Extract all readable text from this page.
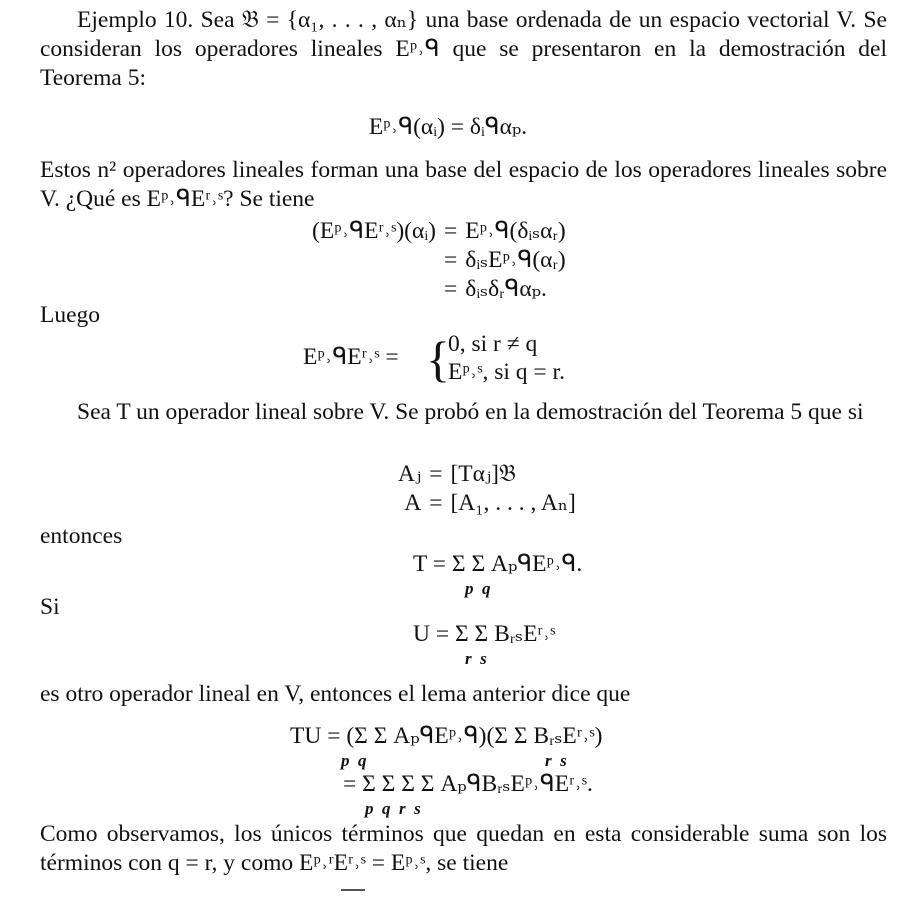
Ejemplo 10. Sea 𝔅 = {α₁, . . . , αₙ} una base ordenada de un espacio vectorial V. Se consideran los operadores lineales Eᵖ˒ᑫ que se presentaron en la demostración del Teorema 5:
Eᵖ˒ᑫ(αᵢ) = δᵢᑫαₚ.
Estos n² operadores lineales forman una base del espacio de los operadores lineales sobre V. ¿Qué es Eᵖ˒ᑫEʳ˒ˢ? Se tiene
(Eᵖ˒ᑫEʳ˒ˢ)(αᵢ)	=	Eᵖ˒ᑫ(δᵢₛαᵣ)
	=	δᵢₛEᵖ˒ᑫ(αᵣ)
	=	δᵢₛδᵣᑫαₚ.
Luego
Eᵖ˒ᑫEʳ˒ˢ = {
0, si r ≠ q
Eᵖ˒ˢ, si q = r.
Sea T un operador lineal sobre V. Se probó en la demostración del Teorema 5 que si
Aⱼ	=	[Tαⱼ]𝔅
A	=	[A₁, . . . , Aₙ]
entonces
T = Σ Σ AₚᑫEᵖ˒ᑫ.
p  q
Si
U = Σ Σ BᵣₛEʳ˒ˢ
r  s
es otro operador lineal en V, entonces el lema anterior dice que
TU = (Σ Σ AₚᑫEᵖ˒ᑫ)(Σ Σ BᵣₛEʳ˒ˢ)
p  q	r  s
= Σ Σ Σ Σ AₚᑫBᵣₛEᵖ˒ᑫEʳ˒ˢ.
p  q  r  s
Como observamos, los únicos términos que quedan en esta considerable suma son los términos con q = r, y como Eᵖ˒ʳEʳ˒ˢ = Eᵖ˒ˢ, se tiene
